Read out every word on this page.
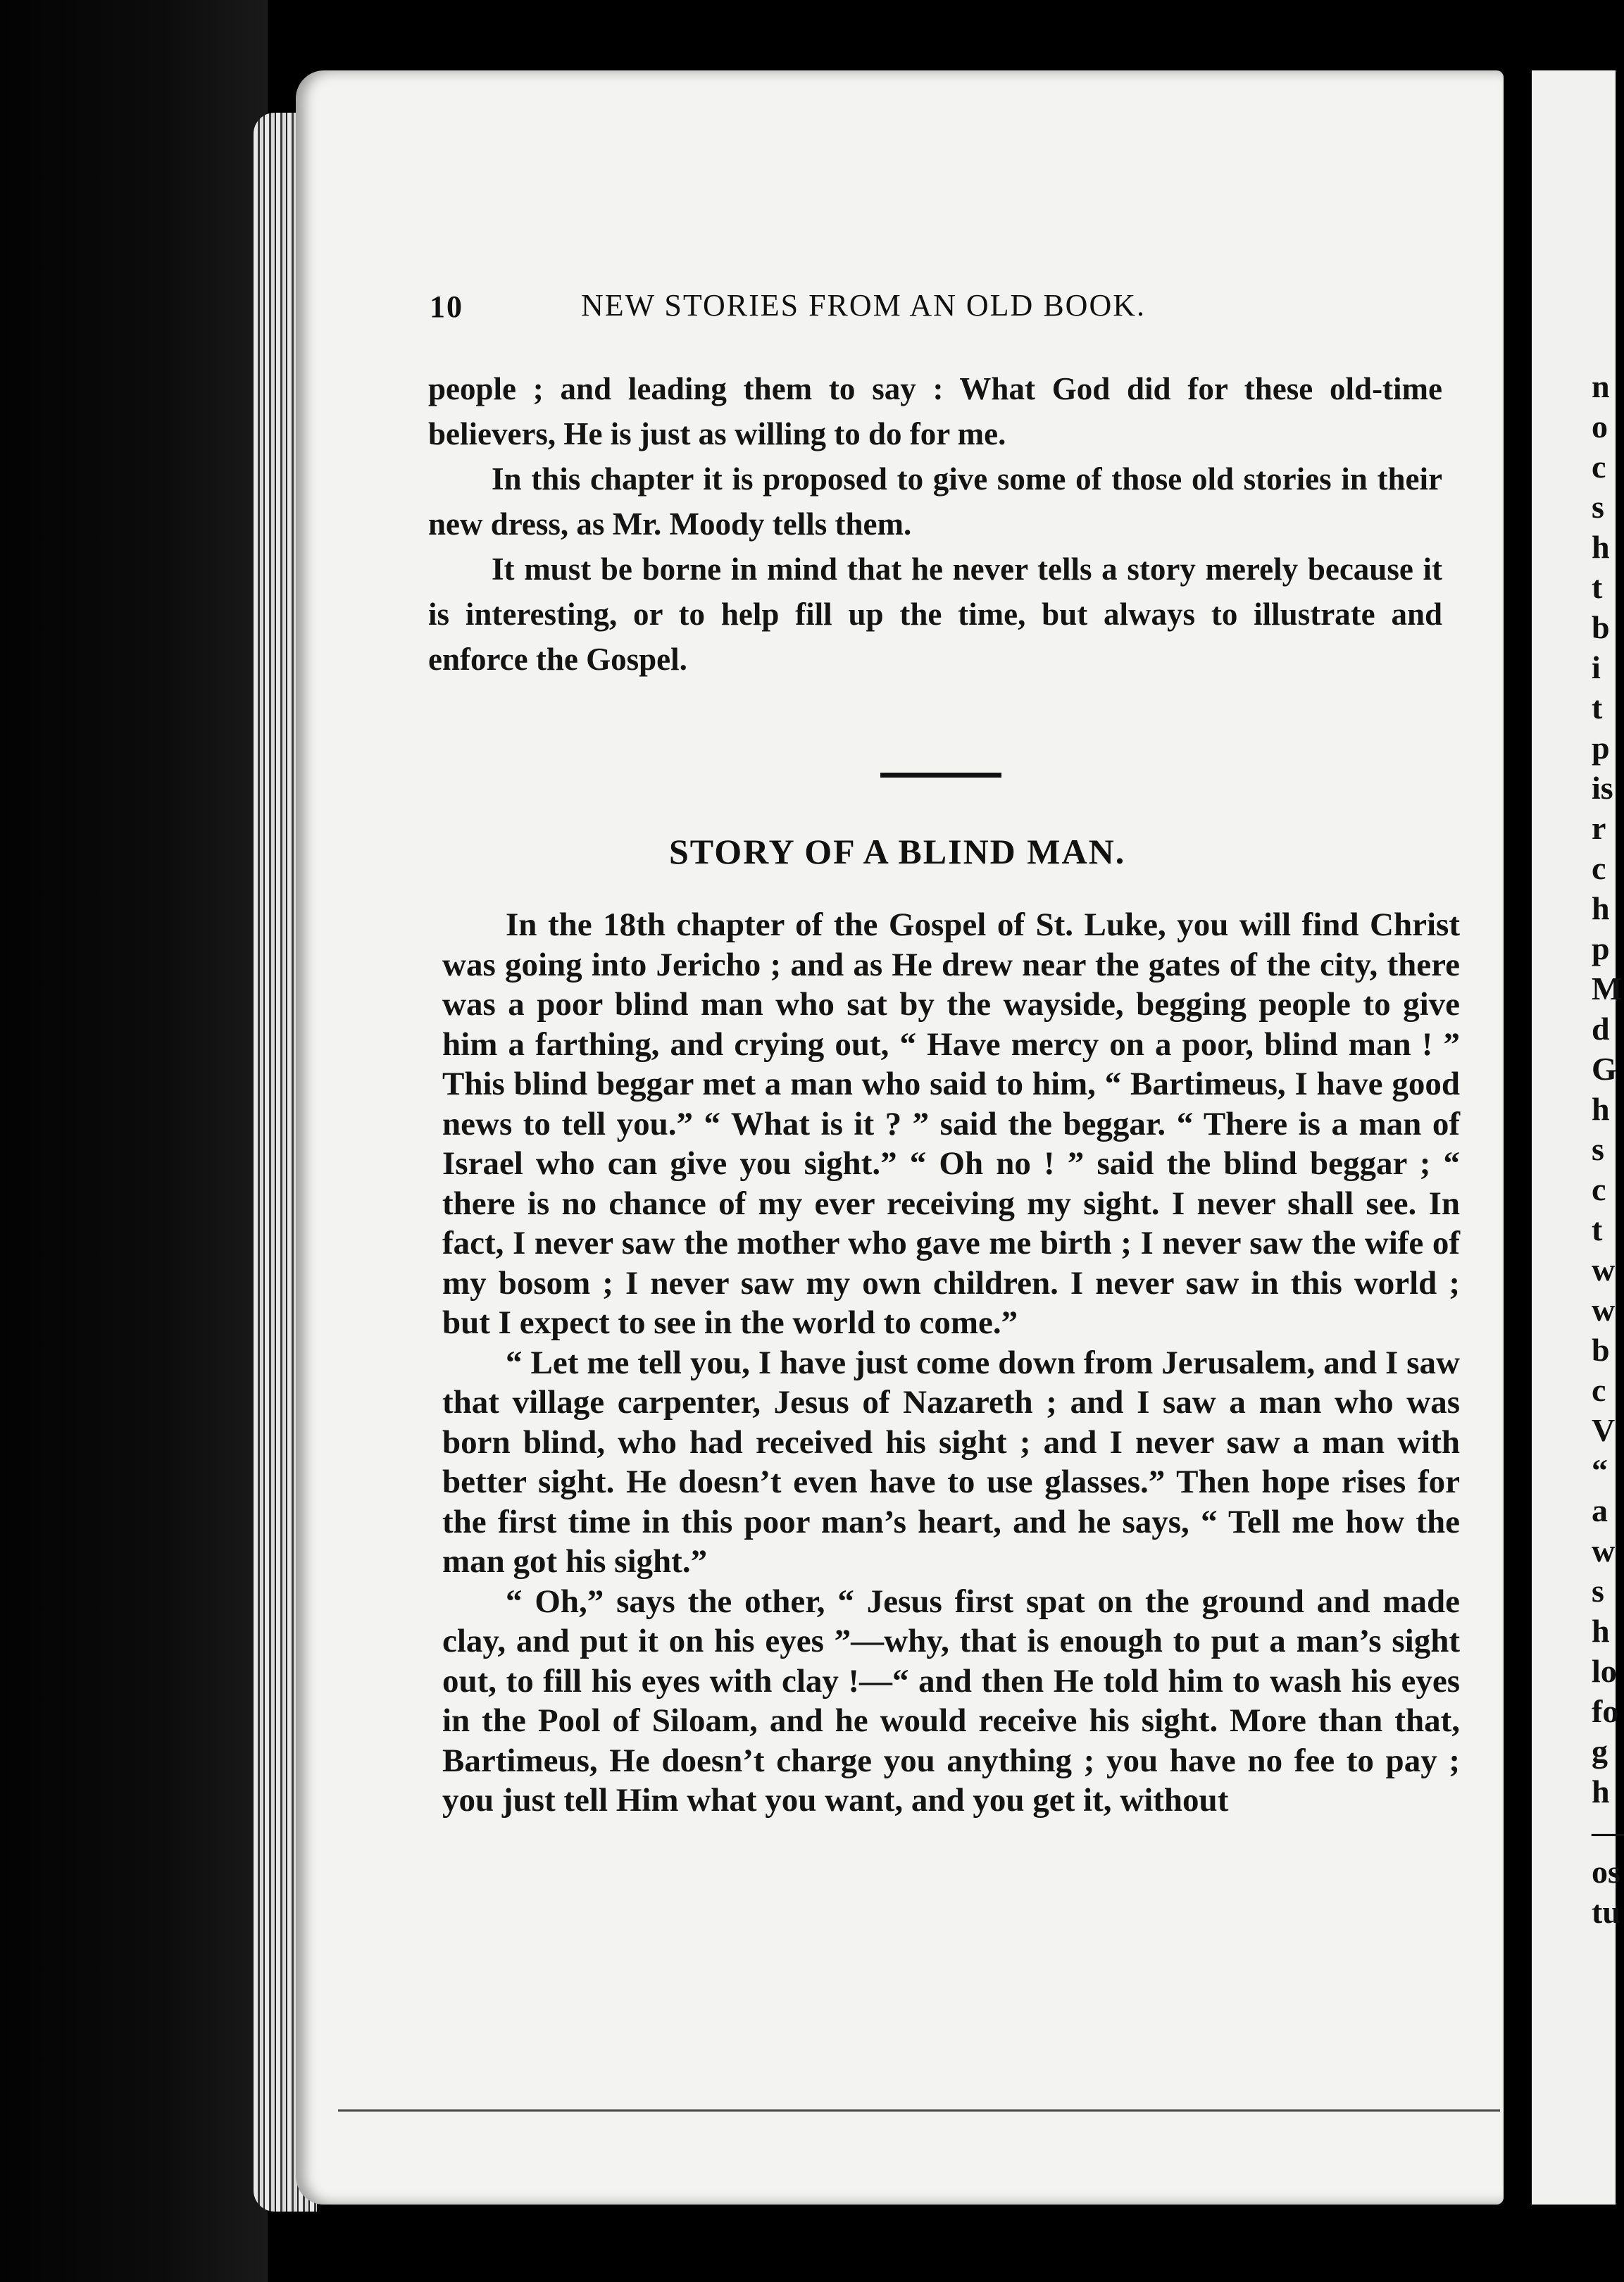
n
o
c
s
h
t
b
i
t
p
is
r
c
h
p
M
d
G
h
s
c
t
w
w
b
c
V
“
a
w
s
h
lo
fo
g
h
—
os
tu
10	NEW STORIES FROM AN OLD BOOK.

people ; and leading them to say : What God did for these old-time believers, He is just as willing to do for me.

In this chapter it is proposed to give some of those old stories in their new dress, as Mr. Moody tells them.

It must be borne in mind that he never tells a story merely because it is interesting, or to help fill up the time, but always to illustrate and enforce the Gospel.

STORY OF A BLIND MAN.

In the 18th chapter of the Gospel of St. Luke, you will find Christ was going into Jericho ; and as He drew near the gates of the city, there was a poor blind man who sat by the wayside, begging people to give him a farthing, and crying out, “ Have mercy on a poor, blind man ! ” This blind beggar met a man who said to him, “ Bartimeus, I have good news to tell you.” “ What is it ? ” said the beggar. “ There is a man of Israel who can give you sight.” “ Oh no ! ” said the blind beggar ; “ there is no chance of my ever receiving my sight. I never shall see. In fact, I never saw the mother who gave me birth ; I never saw the wife of my bosom ; I never saw my own children. I never saw in this world ; but I expect to see in the world to come.”

“ Let me tell you, I have just come down from Jerusalem, and I saw that village carpenter, Jesus of Nazareth ; and I saw a man who was born blind, who had received his sight ; and I never saw a man with better sight. He doesn’t even have to use glasses.” Then hope rises for the first time in this poor man’s heart, and he says, “ Tell me how the man got his sight.”

“ Oh,” says the other, “ Jesus first spat on the ground and made clay, and put it on his eyes ”—why, that is enough to put a man’s sight out, to fill his eyes with clay !—“ and then He told him to wash his eyes in the Pool of Siloam, and he would receive his sight. More than that, Bartimeus, He doesn’t charge you anything ; you have no fee to pay ; you just tell Him what you want, and you get it, without
